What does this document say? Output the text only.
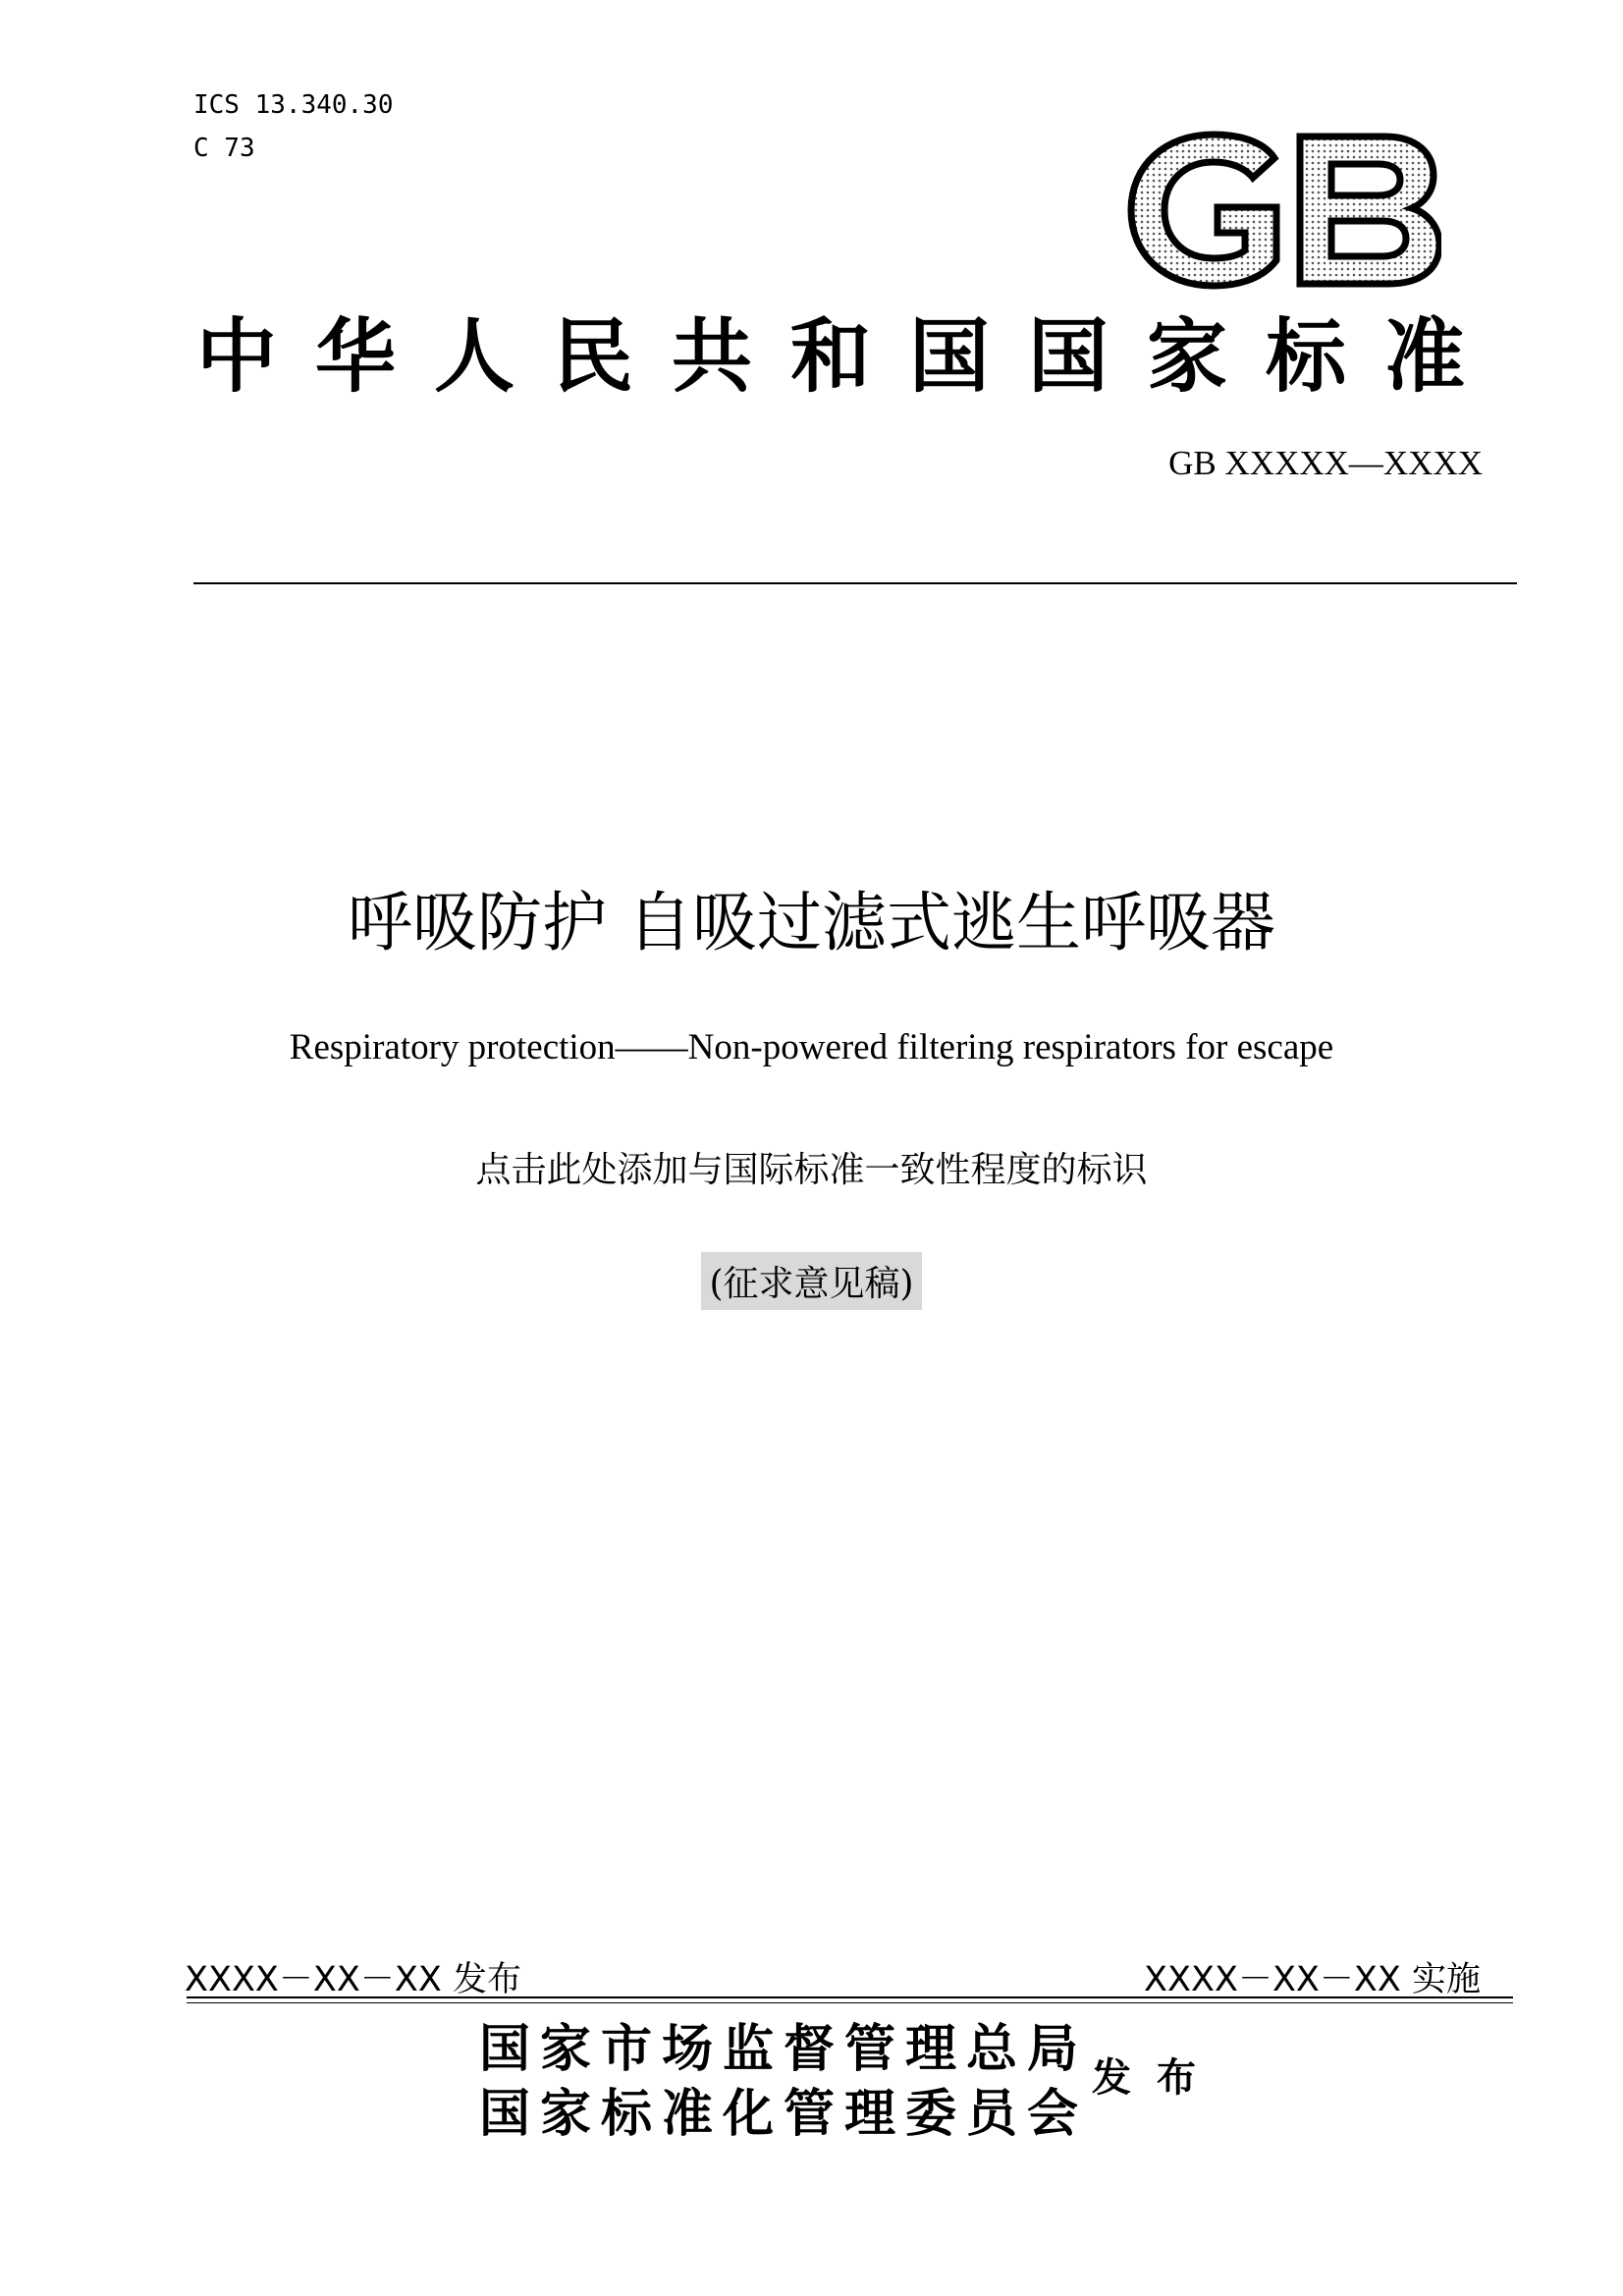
ICS 13.340.30
C 73
中华人民共和国国家标准
GB XXXXX—XXXX
呼吸防护 自吸过滤式逃生呼吸器
Respiratory protection——Non-powered filtering respirators for escape
点击此处添加与国际标准一致性程度的标识
(征求意见稿)
XXXX－XX－XX 发布	XXXX－XX－XX 实施
国家市场监督管理总局
国家标准化管理委员会
发布
